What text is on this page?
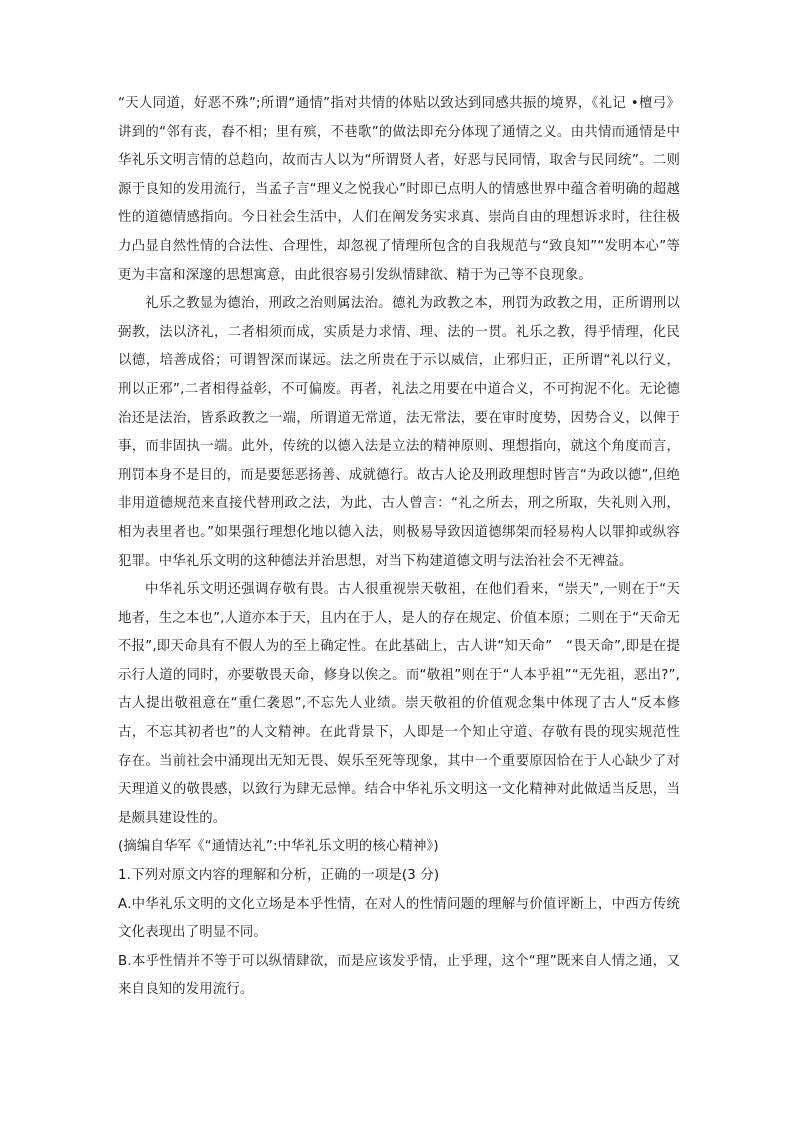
“天人同道，好恶不殊”;所谓“通情”指对共情的体贴以致达到同感共振的境界，《礼记 •檀弓》讲到的“邻有丧，舂不相；里有殡，不巷歌”的做法即充分体现了通情之义。由共情而通情是中华礼乐文明言情的总趋向，故而古人以为“所谓贤人者，好恶与民同情，取舍与民同统”。二则源于良知的发用流行，当孟子言“理义之悦我心”时即已点明人的情感世界中蕴含着明确的超越性的道德情感指向。今日社会生活中，人们在阐发务实求真、崇尚自由的理想诉求时，往往极力凸显自然性情的合法性、合理性，却忽视了情理所包含的自我规范与“致良知”“发明本心”等更为丰富和深邃的思想寓意，由此很容易引发纵情肆欲、精于为己等不良现象。

礼乐之教显为德治，刑政之治则属法治。德礼为政教之本，刑罚为政教之用，正所谓刑以弼教，法以济礼，二者相须而成，实质是力求情、理、法的一贯。礼乐之教，得乎情理，化民以德，培善成俗；可谓智深而谋远。法之所贵在于示以威信，止邪归正，正所谓“礼以行义，刑以正邪”,二者相得益彰，不可偏废。再者，礼法之用要在中道合义，不可拘泥不化。无论德治还是法治，皆系政教之一端，所谓道无常道，法无常法，要在审时度势，因势合义，以俾于事，而非固执一端。此外，传统的以德入法是立法的精神原则、理想指向，就这个角度而言，刑罚本身不是目的，而是要惩恶扬善、成就德行。故古人论及刑政理想时皆言“为政以德”,但绝非用道德规范来直接代替刑政之法，为此，古人曾言：“礼之所去，刑之所取，失礼则入刑，相为表里者也。”如果强行理想化地以德入法，则极易导致因道德绑架而轻易构人以罪抑或纵容犯罪。中华礼乐文明的这种德法并治思想，对当下构建道德文明与法治社会不无裨益。

中华礼乐文明还强调存敬有畏。古人很重视崇天敬祖，在他们看来，“崇天”,一则在于“天地者，生之本也”,人道亦本于天，且内在于人，是人的存在规定、价值本原；二则在于“天命无不报”,即天命具有不假人为的至上确定性。在此基础上，古人讲“知天命”　“畏天命”,即是在提示行人道的同时，亦要敬畏天命，修身以俟之。而“敬祖”则在于“人本乎祖”“无先祖，恶出?”,古人提出敬祖意在“重仁袭恩”,不忘先人业绩。崇天敬祖的价值观念集中体现了古人“反本修古，不忘其初者也”的人文精神。在此背景下，人即是一个知止守道、存敬有畏的现实规范性存在。当前社会中涌现出无知无畏、娱乐至死等现象，其中一个重要原因恰在于人心缺少了对天理道义的敬畏感，以致行为肆无忌惮。结合中华礼乐文明这一文化精神对此做适当反思，当是颇具建设性的。

(摘编自华军《“通情达礼”:中华礼乐文明的核心精神》)

1.下列对原文内容的理解和分析，正确的一项是(3 分)

A.中华礼乐文明的文化立场是本乎性情，在对人的性情问题的理解与价值评断上，中西方传统文化表现出了明显不同。

B.本乎性情并不等于可以纵情肆欲，而是应该发乎情，止乎理，这个“理”既来自人情之通，又来自良知的发用流行。
